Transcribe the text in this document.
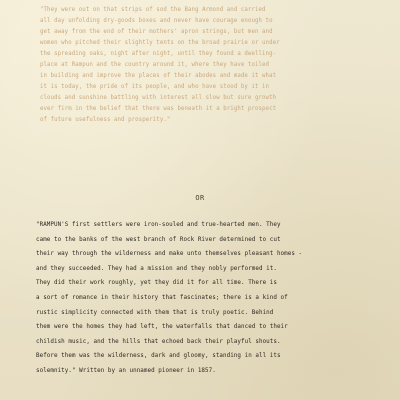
"They were out on that strips of sod the Bang Armond and carried
all day unfolding dry-goods boxes and never have courage enough to
get away from the end of their mothers' apron strings, but men and
women who pitched their slightly tents on the broad prairie or under
the spreading oaks, night after night, until they found a dwelling-
place at Rampun and the country around it, where they have toiled
in building and improve the places of their abodes and made it what
it is today, the pride of its people, and who have stood by it in
clouds and sunshine battling with interest all slow but sure growth
ever firm in the belief that there was beneath it a bright prospect
of future usefulness and prosperity."
OR
"RAMPUN'S first settlers were iron-souled and true-hearted men. They
came to the banks of the west branch of Rock River determined to cut
their way through the wilderness and make unto themselves pleasant homes -
and they succeeded. They had a mission and they nobly performed it.
They did their work roughly, yet they did it for all time. There is
a sort of romance in their history that fascinates; there is a kind of
rustic simplicity connected with them that is truly poetic. Behind
them were the homes they had left, the waterfalls that danced to their
childish music, and the hills that echoed back their playful shouts.
Before them was the wilderness, dark and gloomy, standing in all its
solemnity." Written by an unnamed pioneer in 1857.
